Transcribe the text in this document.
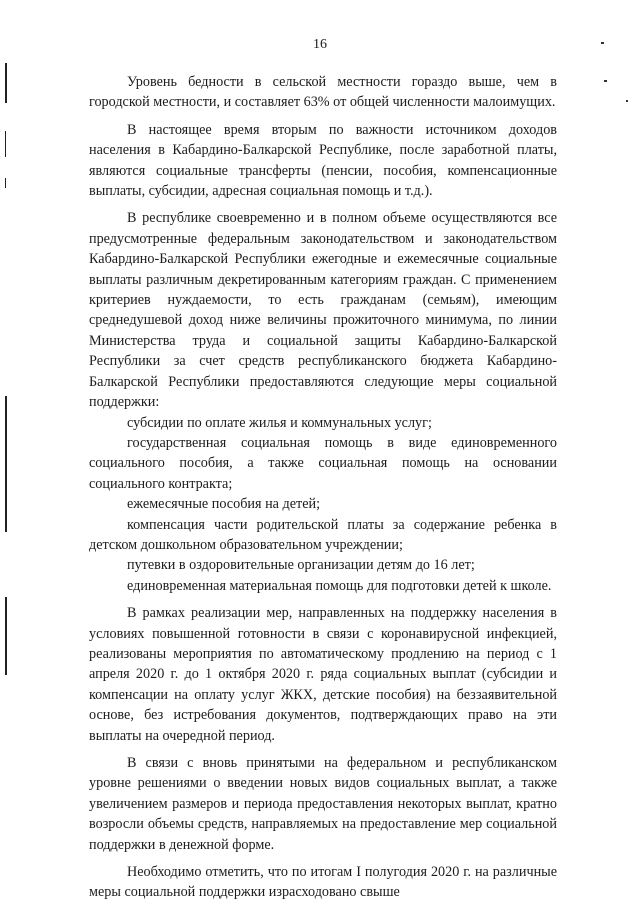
16

Уровень бедности в сельской местности гораздо выше, чем в городской местности, и составляет 63% от общей численности малоимущих.

В настоящее время вторым по важности источником доходов населения в Кабардино-Балкарской Республике, после заработной платы, являются социальные трансферты (пенсии, пособия, компенсационные выплаты, субсидии, адресная социальная помощь и т.д.).

В республике своевременно и в полном объеме осуществляются все предусмотренные федеральным законодательством и законодательством Кабардино-Балкарской Республики ежегодные и ежемесячные социальные выплаты различным декретированным категориям граждан. С применением критериев нуждаемости, то есть гражданам (семьям), имеющим среднедушевой доход ниже величины прожиточного минимума, по линии Министерства труда и социальной защиты Кабардино-Балкарской Республики за счет средств республиканского бюджета Кабардино-Балкарской Республики предоставляются следующие меры социальной поддержки:

субсидии по оплате жилья и коммунальных услуг;

государственная социальная помощь в виде единовременного социального пособия, а также социальная помощь на основании социального контракта;

ежемесячные пособия на детей;

компенсация части родительской платы за содержание ребенка в детском дошкольном образовательном учреждении;

путевки в оздоровительные организации детям до 16 лет;

единовременная материальная помощь для подготовки детей к школе.

В рамках реализации мер, направленных на поддержку населения в условиях повышенной готовности в связи с коронавирусной инфекцией, реализованы мероприятия по автоматическому продлению на период с 1 апреля 2020 г. до 1 октября 2020 г. ряда социальных выплат (субсидии и компенсации на оплату услуг ЖКХ, детские пособия) на беззаявительной основе, без истребования документов, подтверждающих право на эти выплаты на очередной период.

В связи с вновь принятыми на федеральном и республиканском уровне решениями о введении новых видов социальных выплат, а также увеличением размеров и периода предоставления некоторых выплат, кратно возросли объемы средств, направляемых на предоставление мер социальной поддержки в денежной форме.

Необходимо отметить, что по итогам I полугодия 2020 г. на различные меры социальной поддержки израсходовано свыше
